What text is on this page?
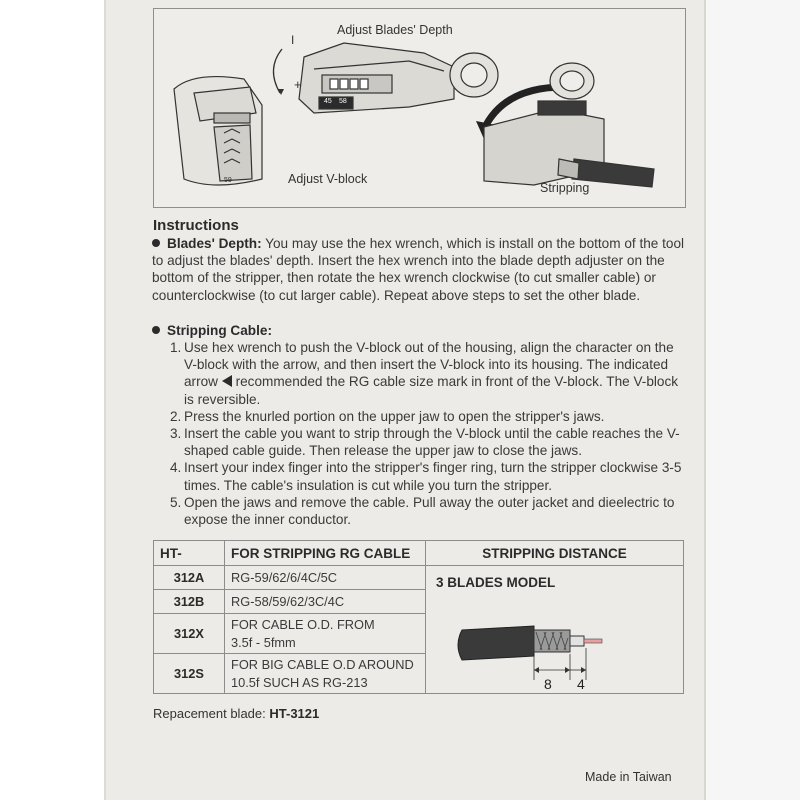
Adjust Blades' Depth
I
+
45 58
59	Adjust V-block
Stripping
Instructions
Blades' Depth: You may use the hex wrench, which is install on the bottom of the tool to adjust the blades' depth. Insert the hex wrench into the blade depth adjuster on the bottom of the stripper, then rotate the hex wrench clockwise (to cut smaller cable) or counterclockwise (to cut larger cable). Repeat above steps to set the other blade.
Stripping Cable:
1. Use hex wrench to push the V-block out of the housing, align the character on the V-block with the arrow, and then insert the V-block into its housing. The indicated arrow recommended the RG cable size mark in front of the V-block. The V-block is reversible.
2. Press the knurled portion on the upper jaw to open the stripper's jaws.
3. Insert the cable you want to strip through the V-block until the cable reaches the V-shaped cable guide. Then release the upper jaw to close the jaws.
4. Insert your index finger into the stripper's finger ring, turn the stripper clockwise 3-5 times. The cable's insulation is cut while you turn the stripper.
5. Open the jaws and remove the cable. Pull away the outer jacket and dieelectric to expose the inner conductor.
HT-	FOR STRIPPING RG CABLE	STRIPPING DISTANCE
312A	RG-59/62/6/4C/5C	3 BLADES MODEL
8 4

312B	RG-58/59/62/3C/4C	
312X	FOR CABLE O.D. FROM
3.5f - 5fmm	
312S	FOR BIG CABLE O.D AROUND
10.5f SUCH AS RG-213	
Repacement blade: HT-3121
Made in Taiwan
